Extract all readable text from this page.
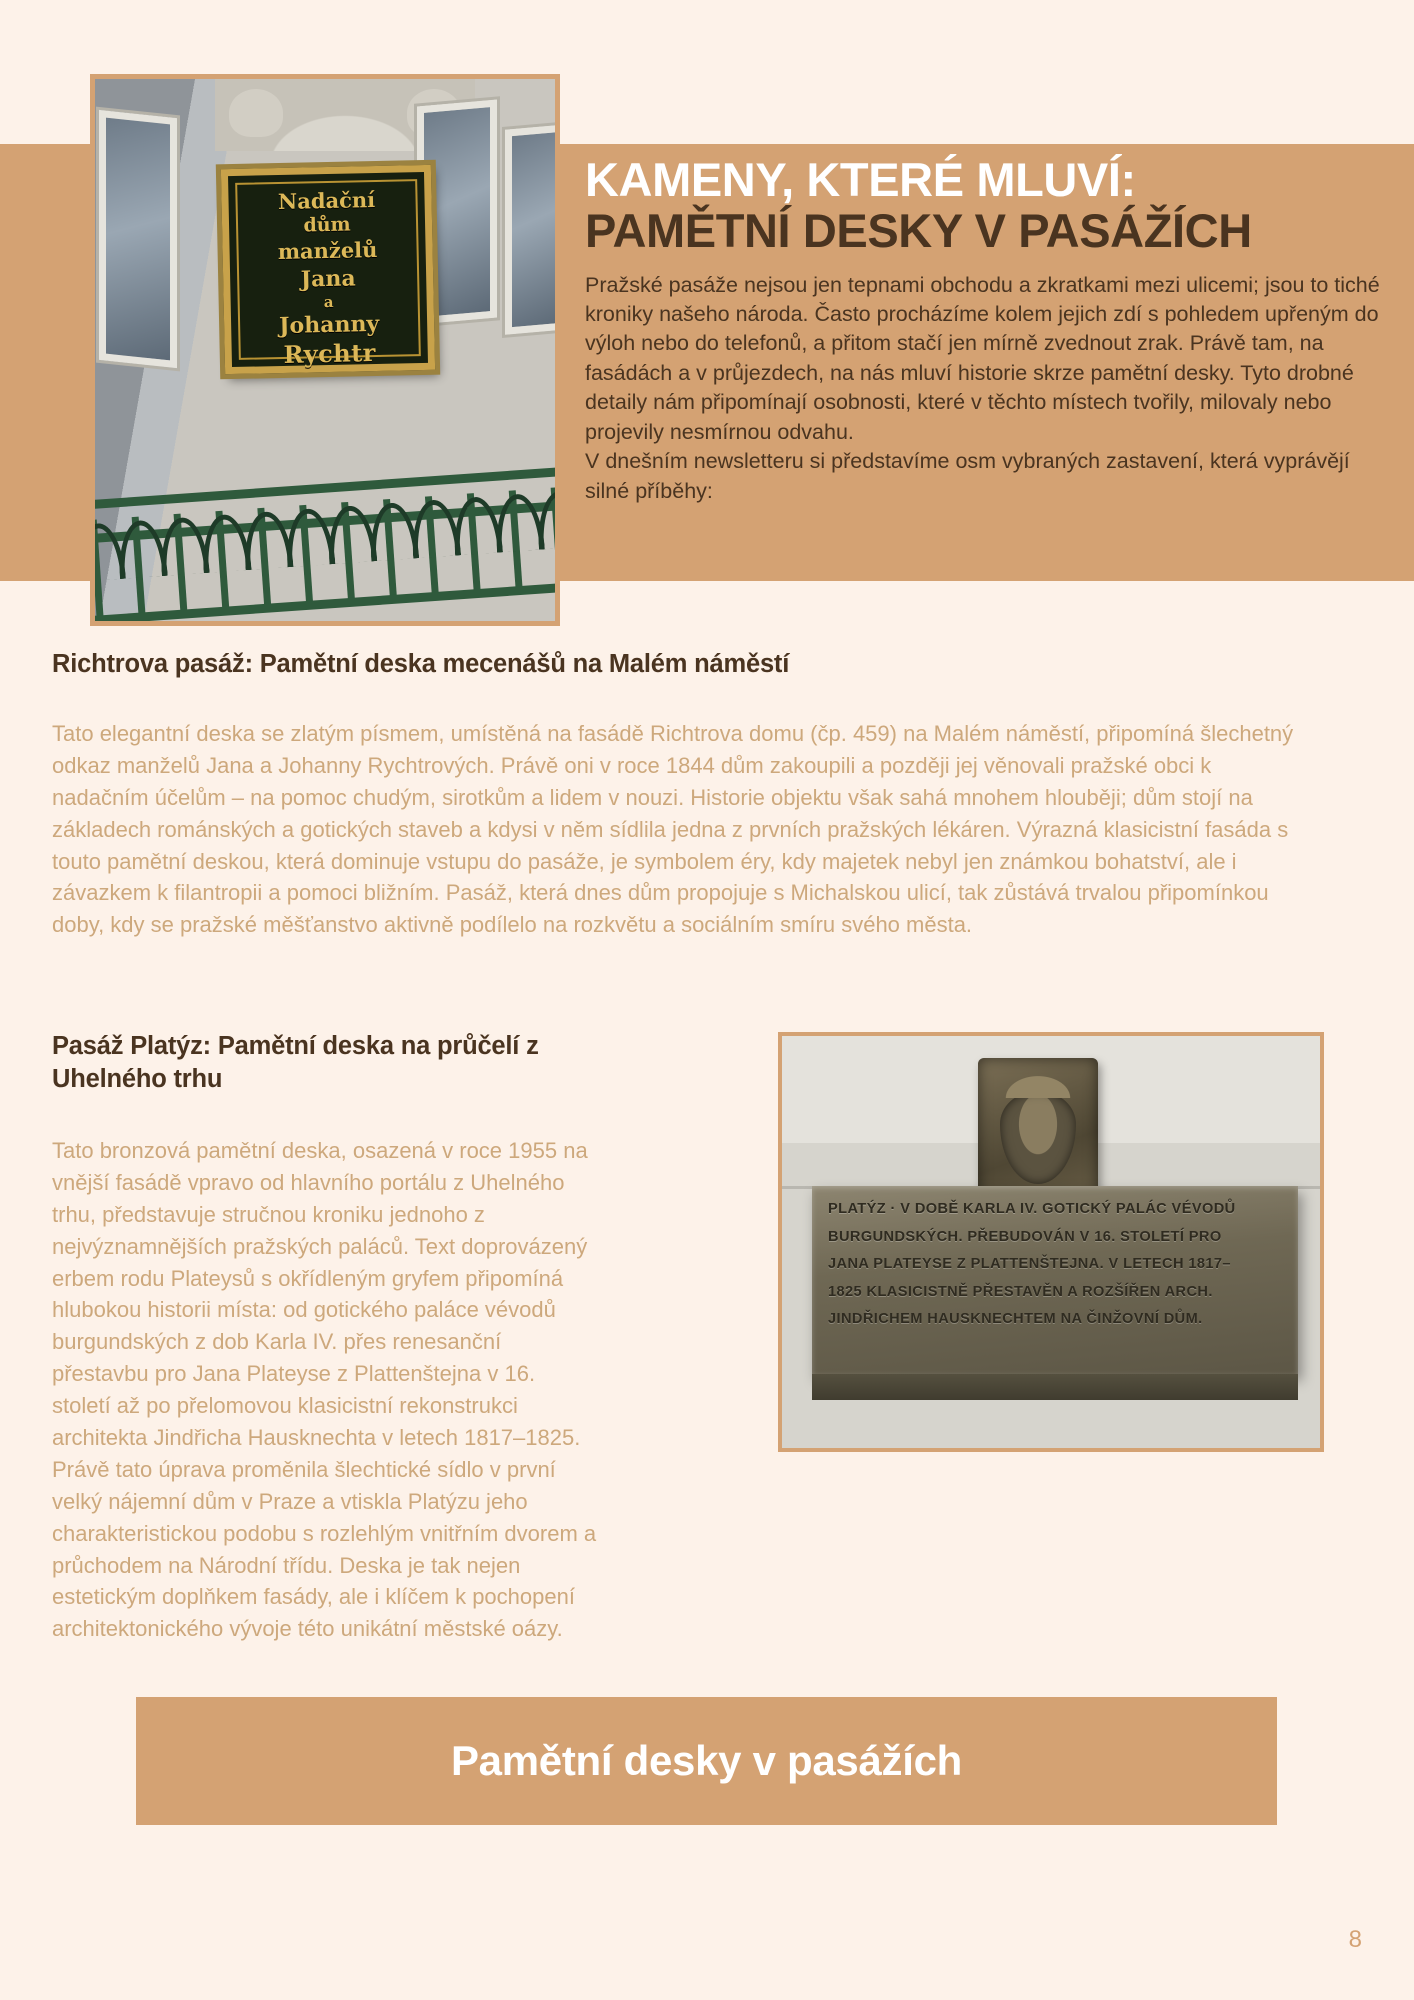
KAMENY, KTERÉ MLUVÍ:
PAMĚTNÍ DESKY V PASÁŽÍCH

Pražské pasáže nejsou jen tepnami obchodu a zkratkami mezi ulicemi; jsou to tiché kroniky našeho národa. Často procházíme kolem jejich zdí s pohledem upřeným do výloh nebo do telefonů, a přitom stačí jen mírně zvednout zrak. Právě tam, na fasádách a v průjezdech, na nás mluví historie skrze pamětní desky. Tyto drobné detaily nám připomínají osobnosti, které v těchto místech tvořily, milovaly nebo projevily nesmírnou odvahu.

V dnešním newsletteru si představíme osm vybraných zastavení, která vyprávějí silné příběhy:

Nadační
dům
manželů
Jana
a
Johanny
Rychtr
Richtrova pasáž: Pamětní deska mecenášů na Malém náměstí

Tato elegantní deska se zlatým písmem, umístěná na fasádě Richtrova domu (čp. 459) na Malém náměstí, připomíná šlechetný odkaz manželů Jana a Johanny Rychtrových. Právě oni v roce 1844 dům zakoupili a později jej věnovali pražské obci k nadačním účelům – na pomoc chudým, sirotkům a lidem v nouzi. Historie objektu však sahá mnohem hlouběji; dům stojí na základech románských a gotických staveb a kdysi v něm sídlila jedna z prvních pražských lékáren. Výrazná klasicistní fasáda s touto pamětní deskou, která dominuje vstupu do pasáže, je symbolem éry, kdy majetek nebyl jen známkou bohatství, ale i závazkem k filantropii a pomoci bližním. Pasáž, která dnes dům propojuje s Michalskou ulicí, tak zůstává trvalou připomínkou doby, kdy se pražské měšťanstvo aktivně podílelo na rozkvětu a sociálním smíru svého města.

Pasáž Platýz: Pamětní deska na průčelí z Uhelného trhu

Tato bronzová pamětní deska, osazená v roce 1955 na vnější fasádě vpravo od hlavního portálu z Uhelného trhu, představuje stručnou kroniku jednoho z nejvýznamnějších pražských paláců. Text doprovázený erbem rodu Plateysů s okřídleným gryfem připomíná hlubokou historii místa: od gotického paláce vévodů burgundských z dob Karla IV. přes renesanční přestavbu pro Jana Plateyse z Plattenštejna v 16. století až po přelomovou klasicistní rekonstrukci architekta Jindřicha Hausknechta v letech 1817–1825. Právě tato úprava proměnila šlechtické sídlo v první velký nájemní dům v Praze a vtiskla Platýzu jeho charakteristickou podobu s rozlehlým vnitřním dvorem a průchodem na Národní třídu. Deska je tak nejen estetickým doplňkem fasády, ale i klíčem k pochopení architektonického vývoje této unikátní městské oázy.

PLATÝZ · V DOBĚ KARLA IV. GOTICKÝ PALÁC VÉVODŮ
BURGUNDSKÝCH. PŘEBUDOVÁN V 16. STOLETÍ PRO
JANA PLATEYSE Z PLATTENŠTEJNA. V LETECH 1817–
1825 KLASICISTNĚ PŘESTAVĚN A ROZŠÍŘEN ARCH.
JINDŘICHEM HAUSKNECHTEM NA ČINŽOVNÍ DŮM.
Pamětní desky v pasážích
8
